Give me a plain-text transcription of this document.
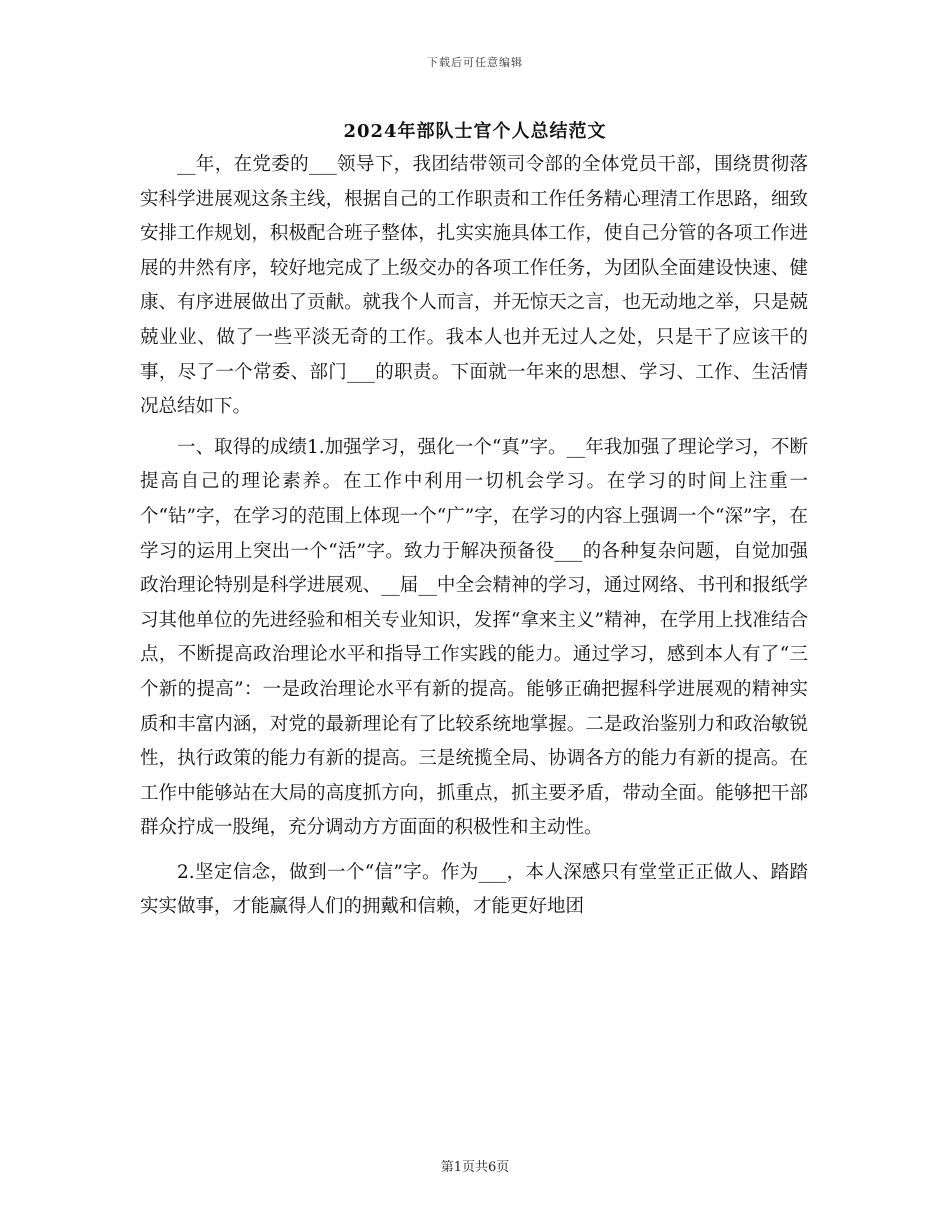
下载后可任意编辑
2024年部队士官个人总结范文

__年，在党委的___领导下，我团结带领司令部的全体党员干部，围绕贯彻落实科学进展观这条主线，根据自己的工作职责和工作任务精心理清工作思路，细致安排工作规划，积极配合班子整体，扎实实施具体工作，使自己分管的各项工作进展的井然有序，较好地完成了上级交办的各项工作任务，为团队全面建设快速、健康、有序进展做出了贡献。就我个人而言，并无惊天之言，也无动地之举，只是兢兢业业、做了一些平淡无奇的工作。我本人也并无过人之处，只是干了应该干的事，尽了一个常委、部门___的职责。下面就一年来的思想、学习、工作、生活情况总结如下。

一、取得的成绩1.加强学习，强化一个“真”字。__年我加强了理论学习，不断提高自己的理论素养。在工作中利用一切机会学习。在学习的时间上注重一个“钻”字，在学习的范围上体现一个“广”字，在学习的内容上强调一个“深”字，在学习的运用上突出一个“活”字。致力于解决预备役___的各种复杂问题，自觉加强政治理论特别是科学进展观、__届__中全会精神的学习，通过网络、书刊和报纸学习其他单位的先进经验和相关专业知识，发挥“拿来主义”精神，在学用上找准结合点，不断提高政治理论水平和指导工作实践的能力。通过学习，感到本人有了“三个新的提高”：一是政治理论水平有新的提高。能够正确把握科学进展观的精神实质和丰富内涵，对党的最新理论有了比较系统地掌握。二是政治鉴别力和政治敏锐性，执行政策的能力有新的提高。三是统揽全局、协调各方的能力有新的提高。在工作中能够站在大局的高度抓方向，抓重点，抓主要矛盾，带动全面。能够把干部群众拧成一股绳，充分调动方方面面的积极性和主动性。

2.坚定信念，做到一个“信”字。作为___，本人深感只有堂堂正正做人、踏踏实实做事，才能赢得人们的拥戴和信赖，才能更好地团

第1页共6页
